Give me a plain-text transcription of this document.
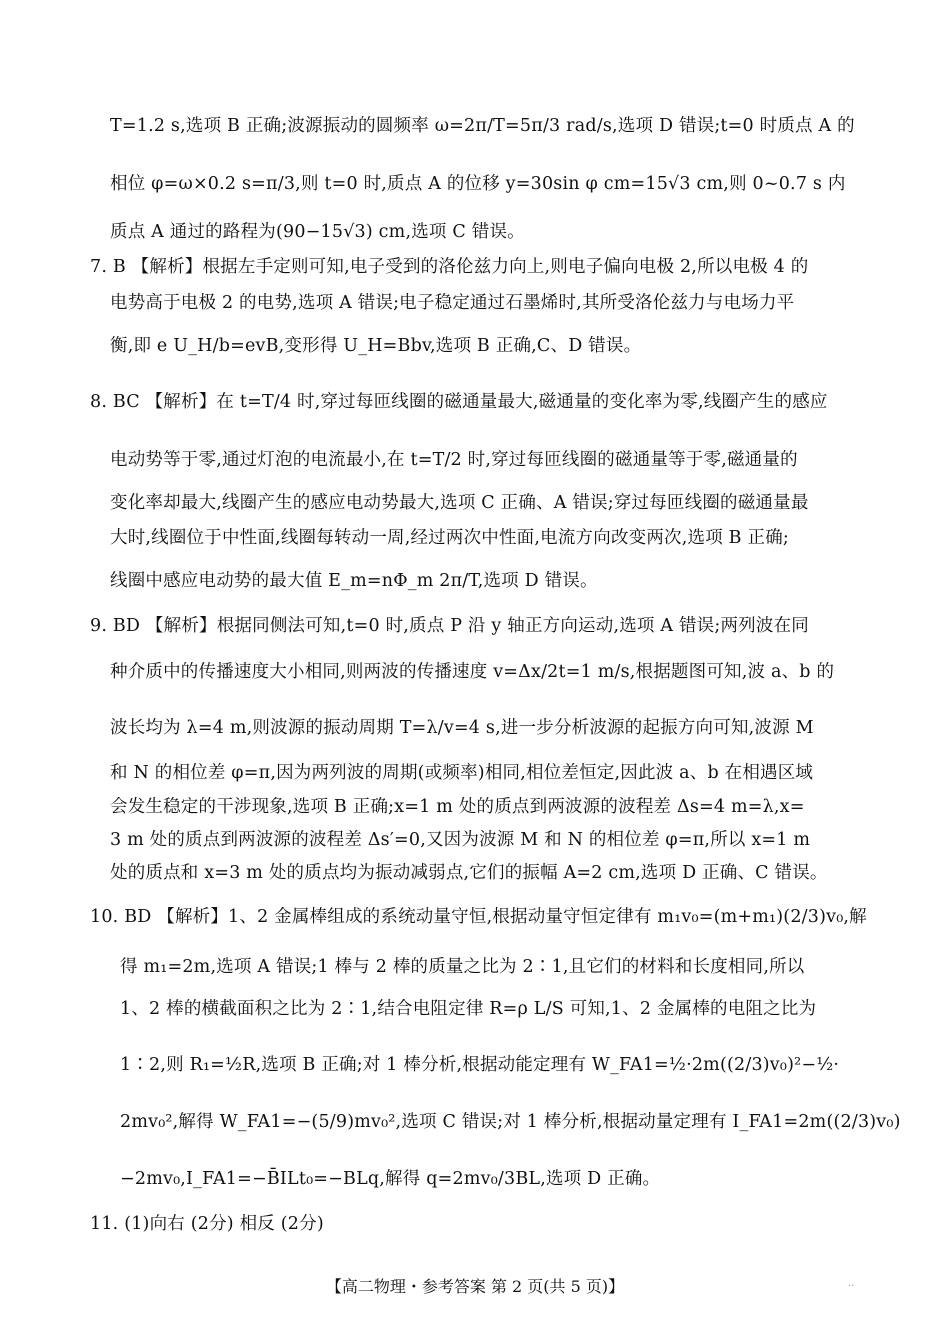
T=1.2 s,选项 B 正确;波源振动的圆频率 ω=2π/T=5π/3 rad/s,选项 D 错误;t=0 时质点 A 的
相位 φ=ω×0.2 s=π/3,则 t=0 时,质点 A 的位移 y=30sin φ cm=15√3 cm,则 0~0.7 s 内
质点 A 通过的路程为(90−15√3) cm,选项 C 错误。
7. B 【解析】根据左手定则可知,电子受到的洛伦兹力向上,则电子偏向电极 2,所以电极 4 的
电势高于电极 2 的电势,选项 A 错误;电子稳定通过石墨烯时,其所受洛伦兹力与电场力平
衡,即 e U_H/b=evB,变形得 U_H=Bbv,选项 B 正确,C、D 错误。
8. BC 【解析】在 t=T/4 时,穿过每匝线圈的磁通量最大,磁通量的变化率为零,线圈产生的感应
电动势等于零,通过灯泡的电流最小,在 t=T/2 时,穿过每匝线圈的磁通量等于零,磁通量的
变化率却最大,线圈产生的感应电动势最大,选项 C 正确、A 错误;穿过每匝线圈的磁通量最
大时,线圈位于中性面,线圈每转动一周,经过两次中性面,电流方向改变两次,选项 B 正确;
线圈中感应电动势的最大值 E_m=nΦ_m 2π/T,选项 D 错误。
9. BD 【解析】根据同侧法可知,t=0 时,质点 P 沿 y 轴正方向运动,选项 A 错误;两列波在同
种介质中的传播速度大小相同,则两波的传播速度 v=Δx/2t=1 m/s,根据题图可知,波 a、b 的
波长均为 λ=4 m,则波源的振动周期 T=λ/v=4 s,进一步分析波源的起振方向可知,波源 M
和 N 的相位差 φ=π,因为两列波的周期(或频率)相同,相位差恒定,因此波 a、b 在相遇区域
会发生稳定的干涉现象,选项 B 正确;x=1 m 处的质点到两波源的波程差 Δs=4 m=λ,x=
3 m 处的质点到两波源的波程差 Δs′=0,又因为波源 M 和 N 的相位差 φ=π,所以 x=1 m
处的质点和 x=3 m 处的质点均为振动减弱点,它们的振幅 A=2 cm,选项 D 正确、C 错误。
10. BD 【解析】1、2 金属棒组成的系统动量守恒,根据动量守恒定律有 m₁v₀=(m+m₁)(2/3)v₀,解
得 m₁=2m,选项 A 错误;1 棒与 2 棒的质量之比为 2∶1,且它们的材料和长度相同,所以
1、2 棒的横截面积之比为 2∶1,结合电阻定律 R=ρ L/S 可知,1、2 金属棒的电阻之比为
1∶2,则 R₁=½R,选项 B 正确;对 1 棒分析,根据动能定理有 W_FA1=½·2m((2/3)v₀)²−½·
2mv₀²,解得 W_FA1=−(5/9)mv₀²,选项 C 错误;对 1 棒分析,根据动量定理有 I_FA1=2m((2/3)v₀)
−2mv₀,I_FA1=−B̄ILt₀=−BLq,解得 q=2mv₀/3BL,选项 D 正确。
11. (1)向右 (2分) 相反 (2分)
【高二物理・参考答案 第 2 页(共 5 页)】	..
